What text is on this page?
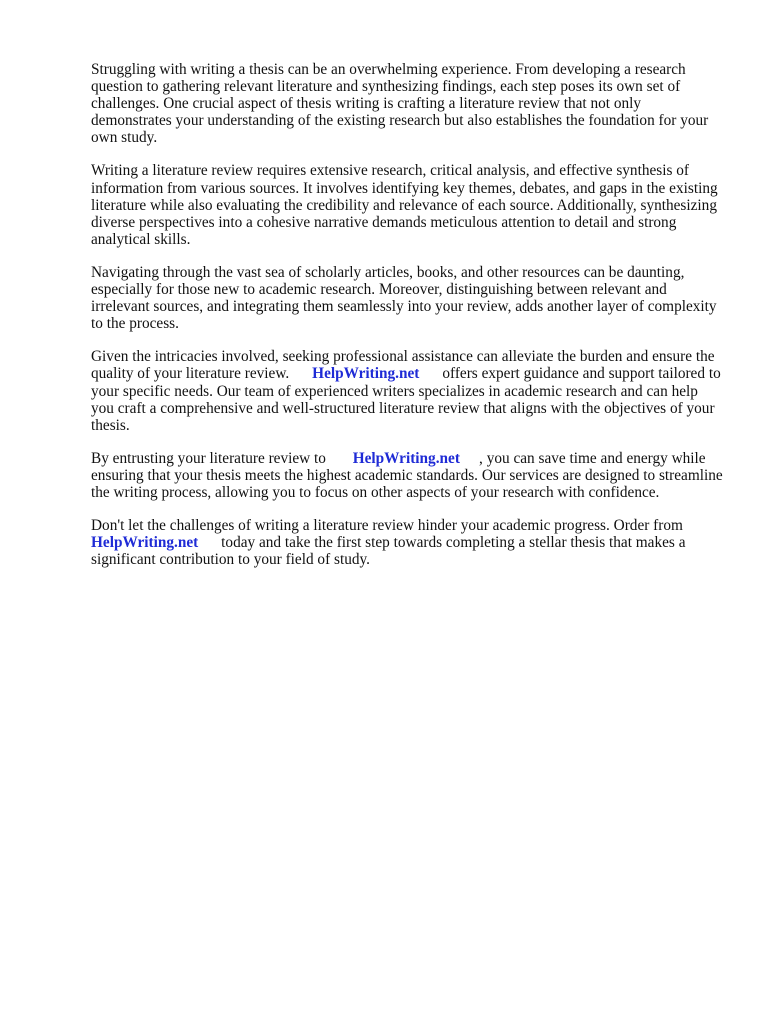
Struggling with writing a thesis can be an overwhelming experience. From developing a research question to gathering relevant literature and synthesizing findings, each step poses its own set of challenges. One crucial aspect of thesis writing is crafting a literature review that not only demonstrates your understanding of the existing research but also establishes the foundation for your own study.

Writing a literature review requires extensive research, critical analysis, and effective synthesis of information from various sources. It involves identifying key themes, debates, and gaps in the existing literature while also evaluating the credibility and relevance of each source. Additionally, synthesizing diverse perspectives into a cohesive narrative demands meticulous attention to detail and strong analytical skills.

Navigating through the vast sea of scholarly articles, books, and other resources can be daunting, especially for those new to academic research. Moreover, distinguishing between relevant and irrelevant sources, and integrating them seamlessly into your review, adds another layer of complexity to the process.

Given the intricacies involved, seeking professional assistance can alleviate the burden and ensure the quality of your literature review.      HelpWriting.net      offers expert guidance and support tailored to your specific needs. Our team of experienced writers specializes in academic research and can help you craft a comprehensive and well-structured literature review that aligns with the objectives of your thesis.

By entrusting your literature review to       HelpWriting.net     , you can save time and energy while ensuring that your thesis meets the highest academic standards. Our services are designed to streamline the writing process, allowing you to focus on other aspects of your research with confidence.

Don't let the challenges of writing a literature review hinder your academic progress. Order from HelpWriting.net      today and take the first step towards completing a stellar thesis that makes a significant contribution to your field of study.
